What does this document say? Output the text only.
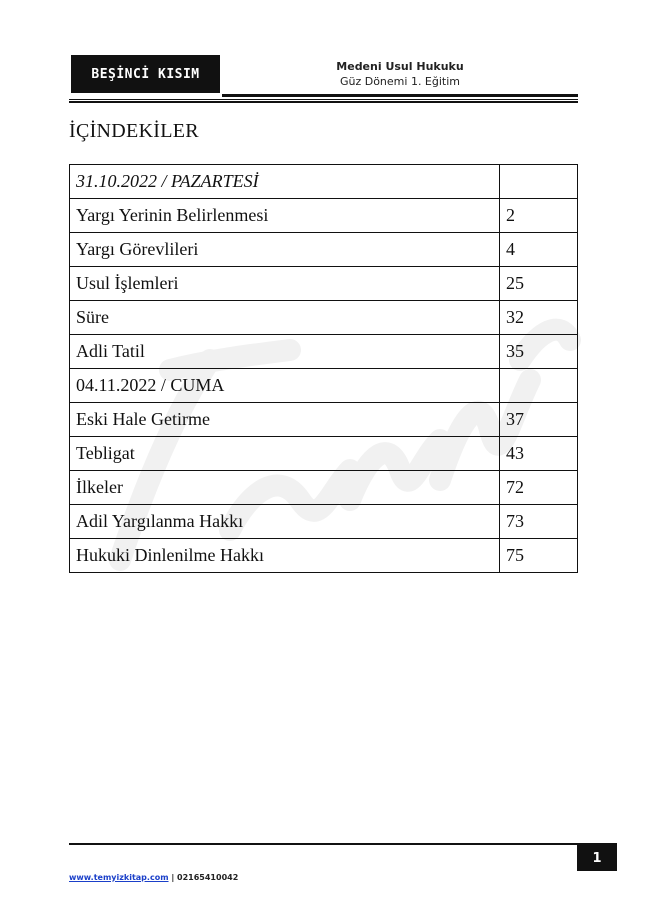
BEŞİNCİ KISIM	Medeni Usul Hukuku
Güz Dönemi 1. Eğitim
İÇİNDEKİLER
31.10.2022 / PAZARTESİ	
Yargı Yerinin Belirlenmesi	2
Yargı Görevlileri	4
Usul İşlemleri	25
Süre	32
Adli Tatil	35
04.11.2022 / CUMA	
Eski Hale Getirme	37
Tebligat	43
İlkeler	72
Adil Yargılanma Hakkı	73
Hukuki Dinlenilme Hakkı	75
1
www.temyizkitap.com | 02165410042
